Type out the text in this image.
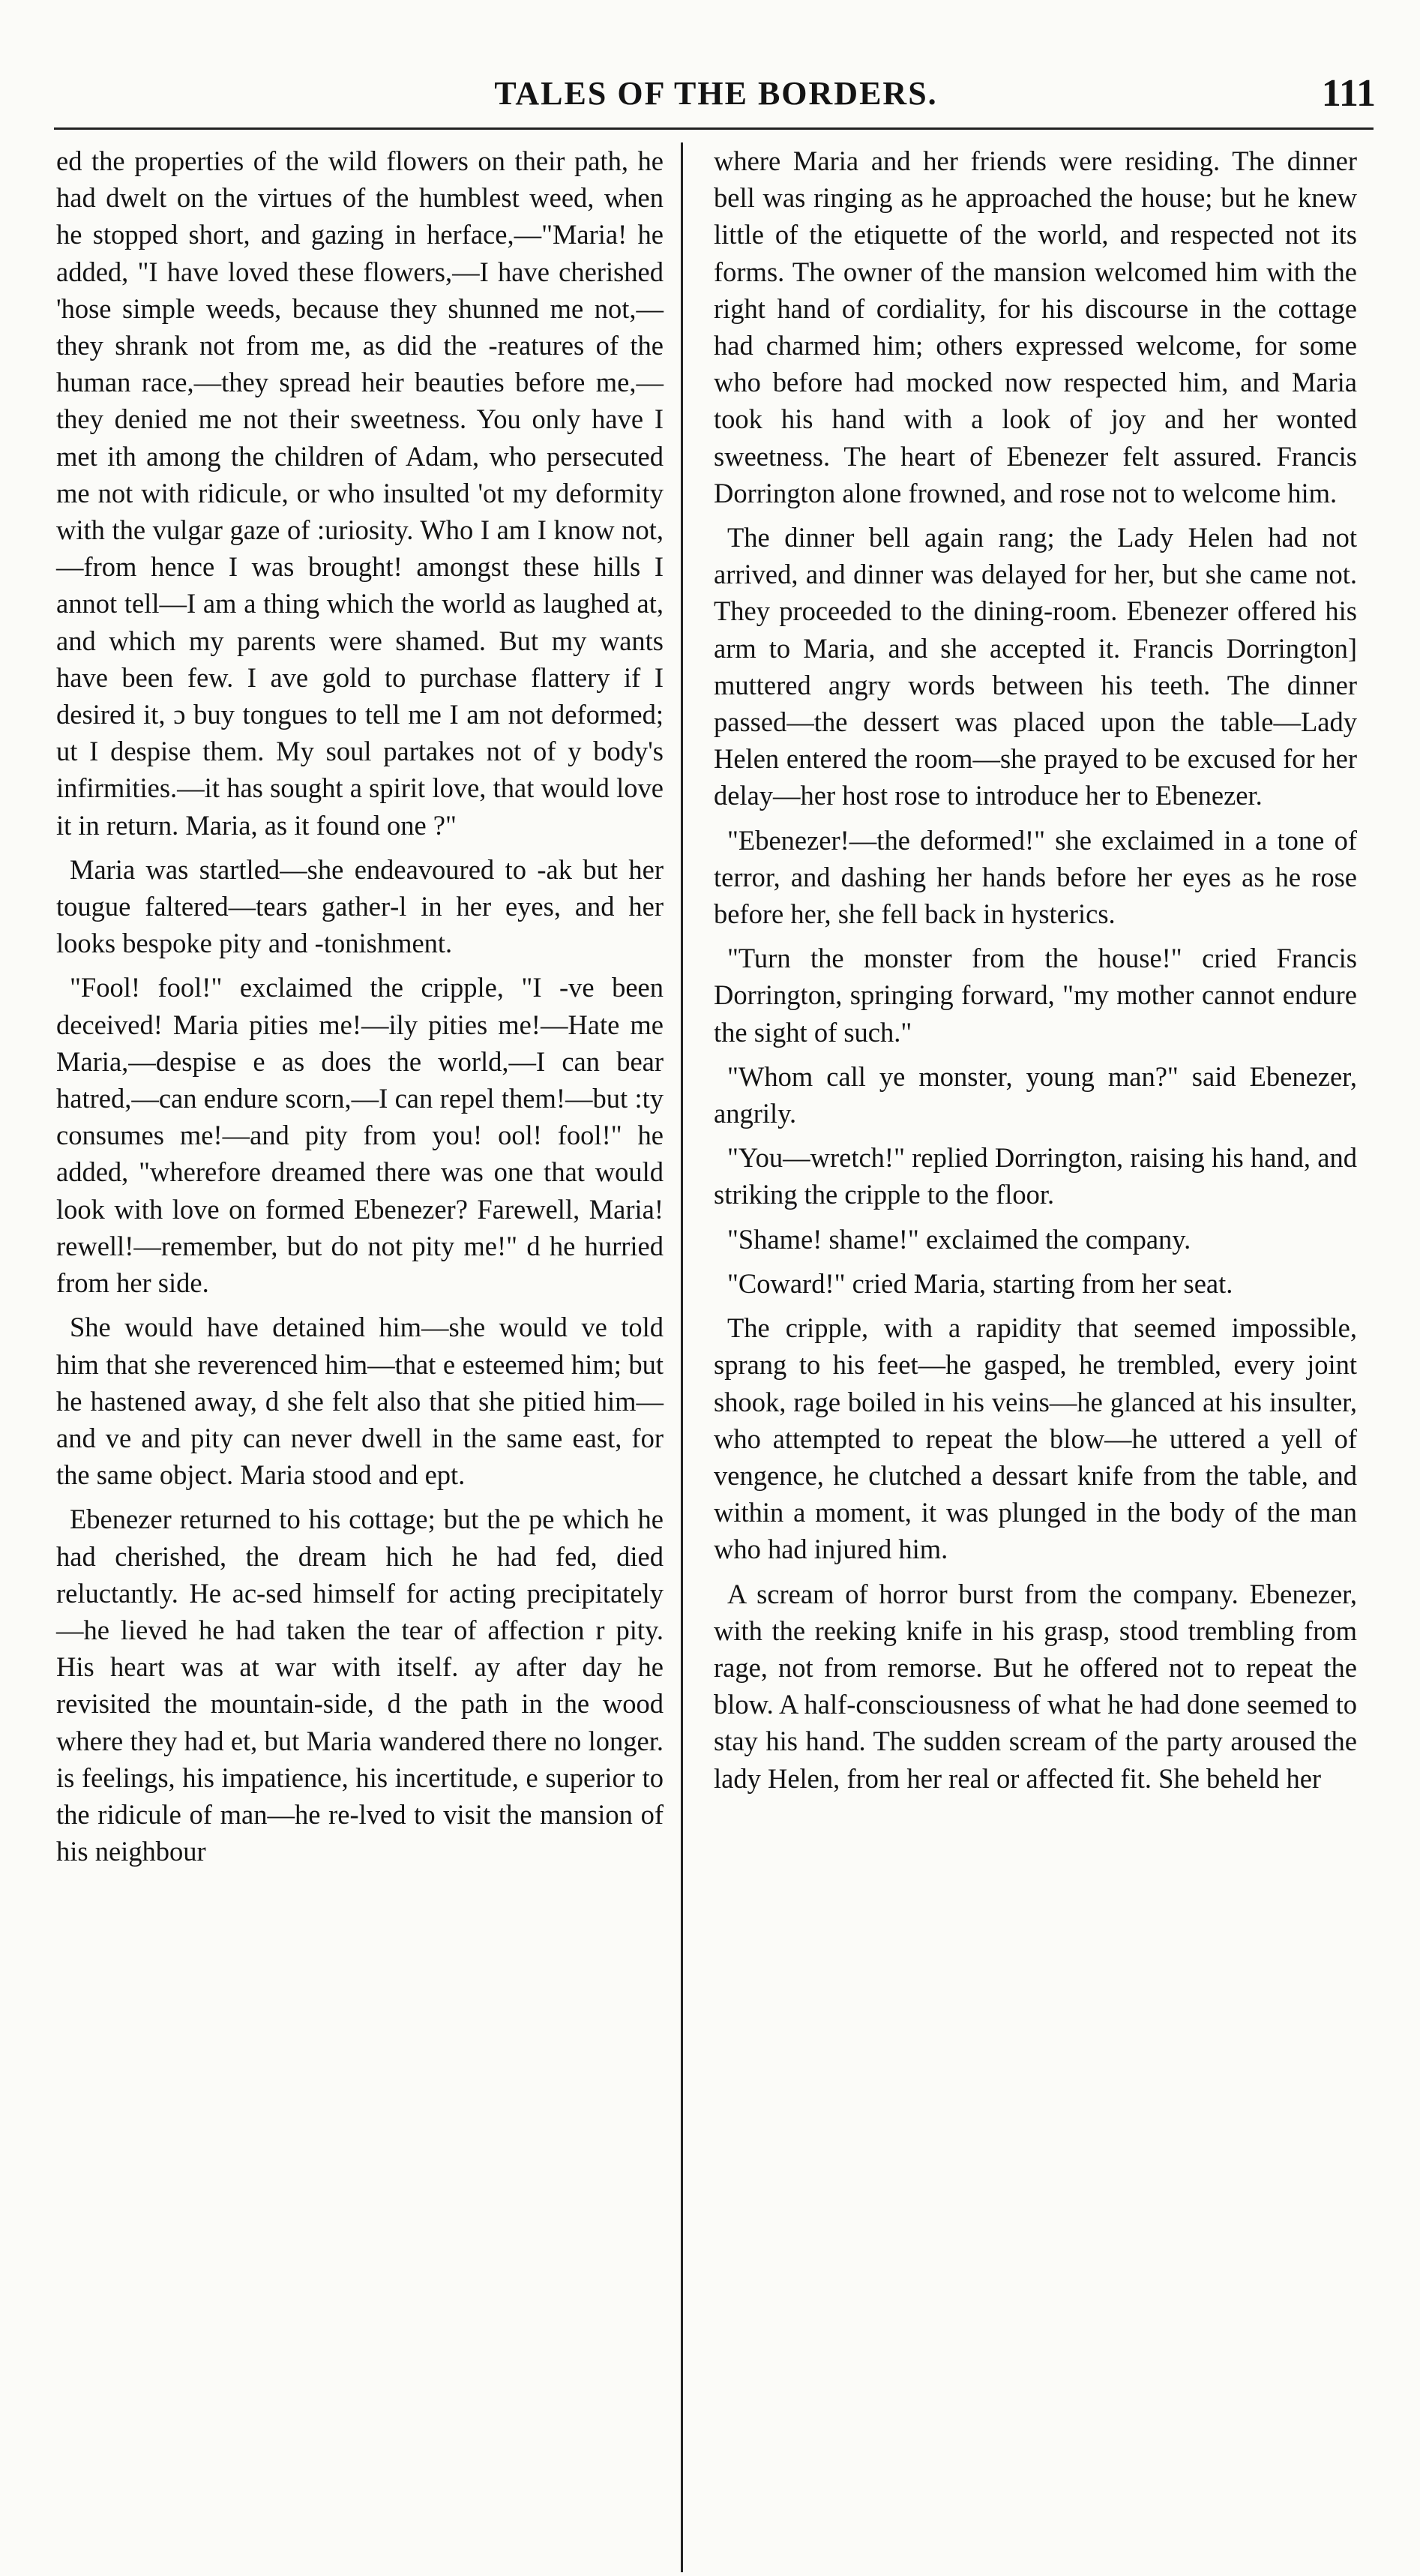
TALES OF THE BORDERS.	111

ed the properties of the wild flowers on their path, he had dwelt on the virtues of the humblest weed, when he stopped short, and gazing in herface,—"Maria! he added, "I have loved these flowers,—I have cherished 'hose simple weeds, because they shunned me not,—they shrank not from me, as did the ‑reatures of the human race,—they spread heir beauties before me,—they denied me not their sweetness. You only have I met ith among the children of Adam, who persecuted me not with ridicule, or who insulted 'ot my deformity with the vulgar gaze of :uriosity. Who I am I know not,—from hence I was brought! amongst these hills I annot tell—I am a thing which the world as laughed at, and which my parents were shamed. But my wants have been few. I ave gold to purchase flattery if I desired it, ɔ buy tongues to tell me I am not deformed; ut I despise them. My soul partakes not of y body's infirmities.—it has sought a spirit love, that would love it in return. Maria, as it found one ?"

Maria was startled—she endeavoured to ‑ak but her tougue faltered—tears gather‑l in her eyes, and her looks bespoke pity and ‑tonishment.

"Fool! fool!" exclaimed the cripple, "I ‑ve been deceived! Maria pities me!—ily pities me!—Hate me Maria,—despise e as does the world,—I can bear hatred,—can endure scorn,—I can repel them!—but :ty consumes me!—and pity from you! ool! fool!" he added, "wherefore dreamed there was one that would look with love on formed Ebenezer? Farewell, Maria! rewell!—remember, but do not pity me!" d he hurried from her side.

She would have detained him—she would ve told him that she reverenced him—that e esteemed him; but he hastened away, d she felt also that she pitied him—and ve and pity can never dwell in the same east, for the same object. Maria stood and ept.

Ebenezer returned to his cottage; but the pe which he had cherished, the dream hich he had fed, died reluctantly. He ac‑sed himself for acting precipitately—he lieved he had taken the tear of affection r pity. His heart was at war with itself. ay after day he revisited the mountain-side, d the path in the wood where they had et, but Maria wandered there no longer. is feelings, his impatience, his incertitude, e superior to the ridicule of man—he re‑lved to visit the mansion of his neighbour

where Maria and her friends were residing. The dinner bell was ringing as he approached the house; but he knew little of the etiquette of the world, and respected not its forms. The owner of the mansion welcomed him with the right hand of cordiality, for his discourse in the cottage had charmed him; others expressed welcome, for some who before had mocked now respected him, and Maria took his hand with a look of joy and her wonted sweetness. The heart of Ebenezer felt assured. Francis Dorrington alone frowned, and rose not to welcome him.

The dinner bell again rang; the Lady Helen had not arrived, and dinner was delayed for her, but she came not. They proceeded to the dining-room. Ebenezer offered his arm to Maria, and she accepted it. Francis Dorrington] muttered angry words between his teeth. The dinner passed—the dessert was placed upon the table—Lady Helen entered the room—she prayed to be excused for her delay—her host rose to introduce her to Ebenezer.

"Ebenezer!—the deformed!" she exclaimed in a tone of terror, and dashing her hands before her eyes as he rose before her, she fell back in hysterics.

"Turn the monster from the house!" cried Francis Dorrington, springing forward, "my mother cannot endure the sight of such."

"Whom call ye monster, young man?" said Ebenezer, angrily.

"You—wretch!" replied Dorrington, raising his hand, and striking the cripple to the floor.

"Shame! shame!" exclaimed the company.

"Coward!" cried Maria, starting from her seat.

The cripple, with a rapidity that seemed impossible, sprang to his feet—he gasped, he trembled, every joint shook, rage boiled in his veins—he glanced at his insulter, who attempted to repeat the blow—he uttered a yell of vengence, he clutched a dessart knife from the table, and within a moment, it was plunged in the body of the man who had injured him.

A scream of horror burst from the company. Ebenezer, with the reeking knife in his grasp, stood trembling from rage, not from remorse. But he offered not to repeat the blow. A half-consciousness of what he had done seemed to stay his hand. The sudden scream of the party aroused the lady Helen, from her real or affected fit. She beheld her
